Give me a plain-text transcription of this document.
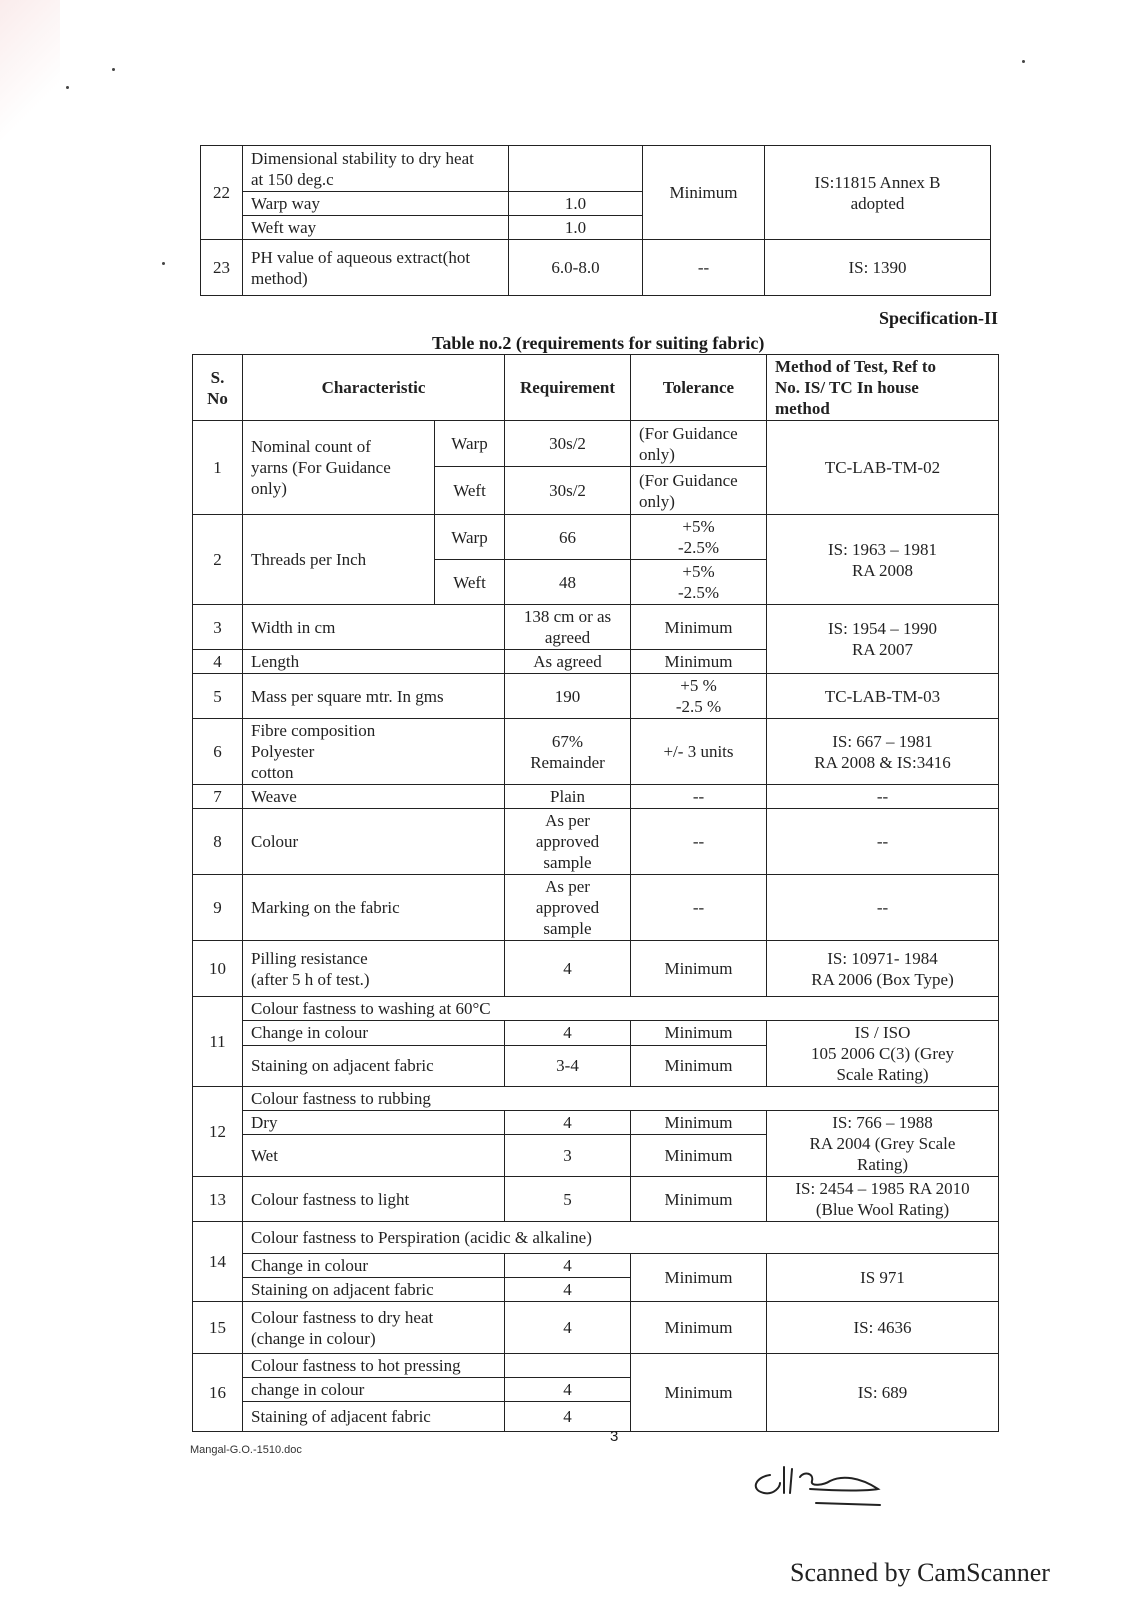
22	Dimensional stability to dry heat
at 150 deg.c		Minimum	IS:11815 Annex B
adopted
	Warp way	1.0		
	Weft way	1.0		
23	PH value of aqueous extract(hot
method)	6.0-8.0	--	IS: 1390
Specification-II
Table no.2 (requirements for suiting fabric)
S.
No	Characteristic		Requirement	Tolerance	Method of Test, Ref to
No. IS/ TC In house
method
1	Nominal count of
yarns (For Guidance
only)	Warp	30s/2	(For Guidance
only)	TC-LAB-TM-02
		Weft	30s/2	(For Guidance
only)	
2	Threads per Inch	Warp	66	+5%
-2.5%	IS: 1963 – 1981
RA 2008
		Weft	48	+5%
-2.5%	
3	Width in cm		138 cm or as
agreed	Minimum	IS: 1954 – 1990
RA 2007
4	Length		As agreed	Minimum	
5	Mass per square mtr. In gms		190	+5 %
-2.5 %	TC-LAB-TM-03
6	Fibre composition
Polyester
cotton		67%
Remainder	+/- 3 units	IS: 667 – 1981
RA 2008 & IS:3416
7	Weave		Plain	--	--
8	Colour		As per
approved
sample	--	--
9	Marking on the fabric		As per
approved
sample	--	--
10	Pilling resistance
(after 5 h of test.)		4	Minimum	IS: 10971- 1984
RA 2006 (Box Type)
11	Colour fastness to washing at 60°C				
	Change in colour		4	Minimum	IS / ISO
105 2006 C(3) (Grey
Scale Rating)
	Staining on adjacent fabric		3-4	Minimum	
12	Colour fastness to rubbing				
	Dry		4	Minimum	IS: 766 – 1988
RA 2004 (Grey Scale
Rating)
	Wet		3	Minimum	
13	Colour fastness to light		5	Minimum	IS: 2454 – 1985 RA 2010
(Blue Wool Rating)
14	Colour fastness to Perspiration (acidic & alkaline)				
	Change in colour		4	Minimum	IS 971
	Staining on adjacent fabric		4		
15	Colour fastness to dry heat
(change in colour)		4	Minimum	IS: 4636
16	Colour fastness to hot pressing			Minimum	IS: 689
	change in colour		4		
	Staining of adjacent fabric		4		
Mangal-G.O.-1510.doc
3
Scanned by CamScanner
